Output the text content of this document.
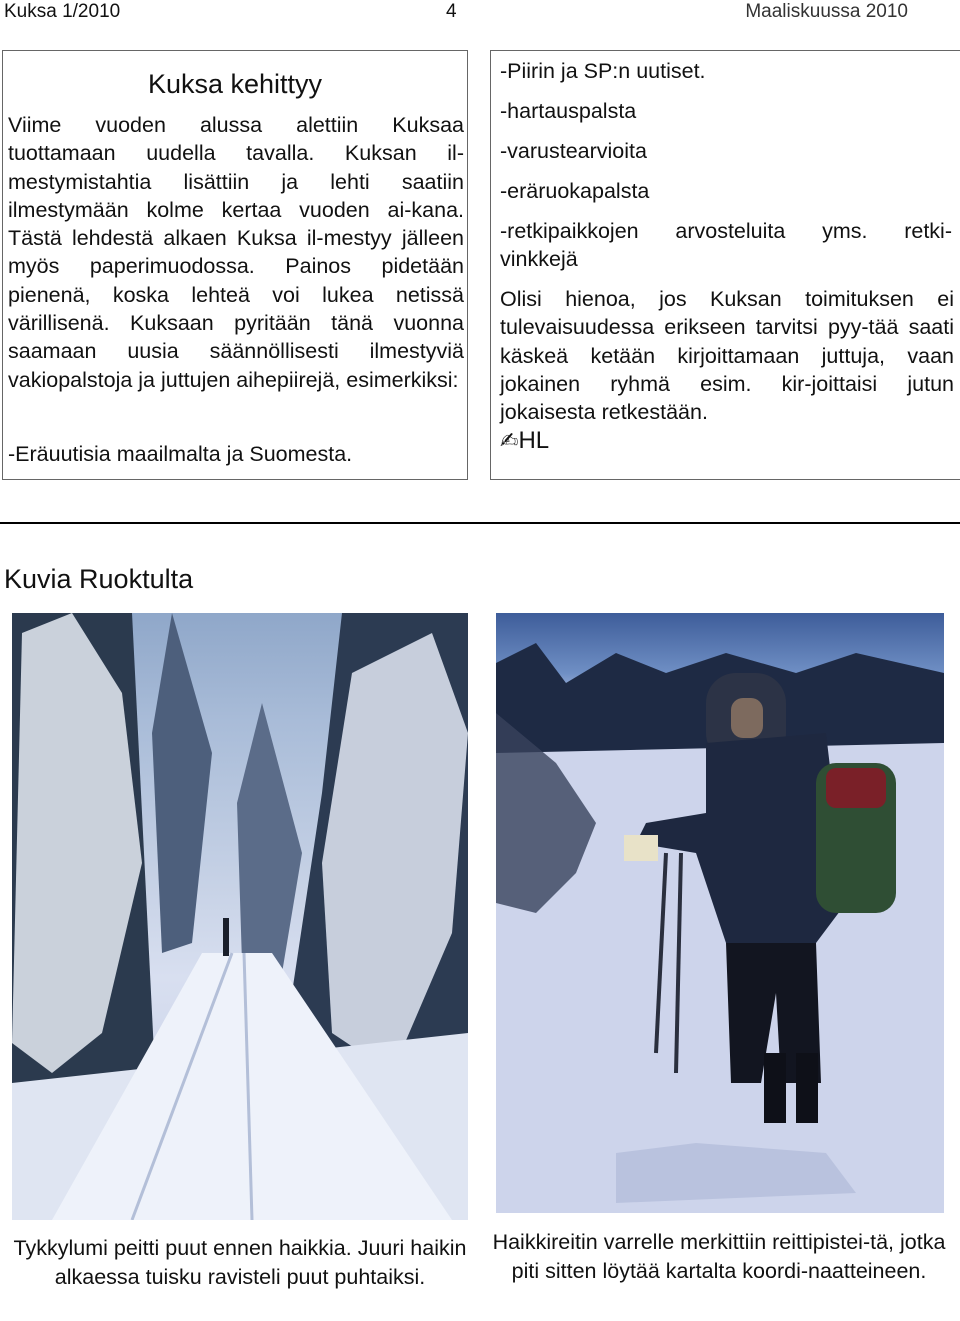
Kuksa 1/2010	4	Maaliskuussa 2010
Kuksa kehittyy

Viime vuoden alussa alettiin Kuksaa tuottamaan uudella tavalla. Kuksan il-mestymistahtia lisättiin ja lehti saatiin ilmestymään kolme kertaa vuoden ai-kana. Tästä lehdestä alkaen Kuksa il-mestyy jälleen myös paperimuodossa. Painos pidetään pienenä, koska lehteä voi lukea netissä värillisenä. Kuksaan pyritään tänä vuonna saamaan uusia säännöllisesti ilmestyviä vakiopalstoja ja juttujen aihepiirejä, esimerkiksi:

-Eräuutisia maailmalta ja Suomesta.

-Piirin ja SP:n uutiset.

-hartauspalsta

-varustearvioita

-eräruokapalsta

-retkipaikkojen arvosteluita yms. retki-

vinkkejä

Olisi hienoa, jos Kuksan toimituksen ei tulevaisuudessa erikseen tarvitsi pyy-tää saati käskeä ketään kirjoittamaan juttuja, vaan jokainen ryhmä esim. kir-joittaisi jutun jokaisesta retkestään.

✍HL
Kuvia Ruoktulta

Tykkylumi peitti puut ennen haikkia. Juuri haikin alkaessa tuisku ravisteli puut puhtaiksi.

Haikkireitin varrelle merkittiin reittipistei-tä, jotka piti sitten löytää kartalta koordi-naatteineen.
